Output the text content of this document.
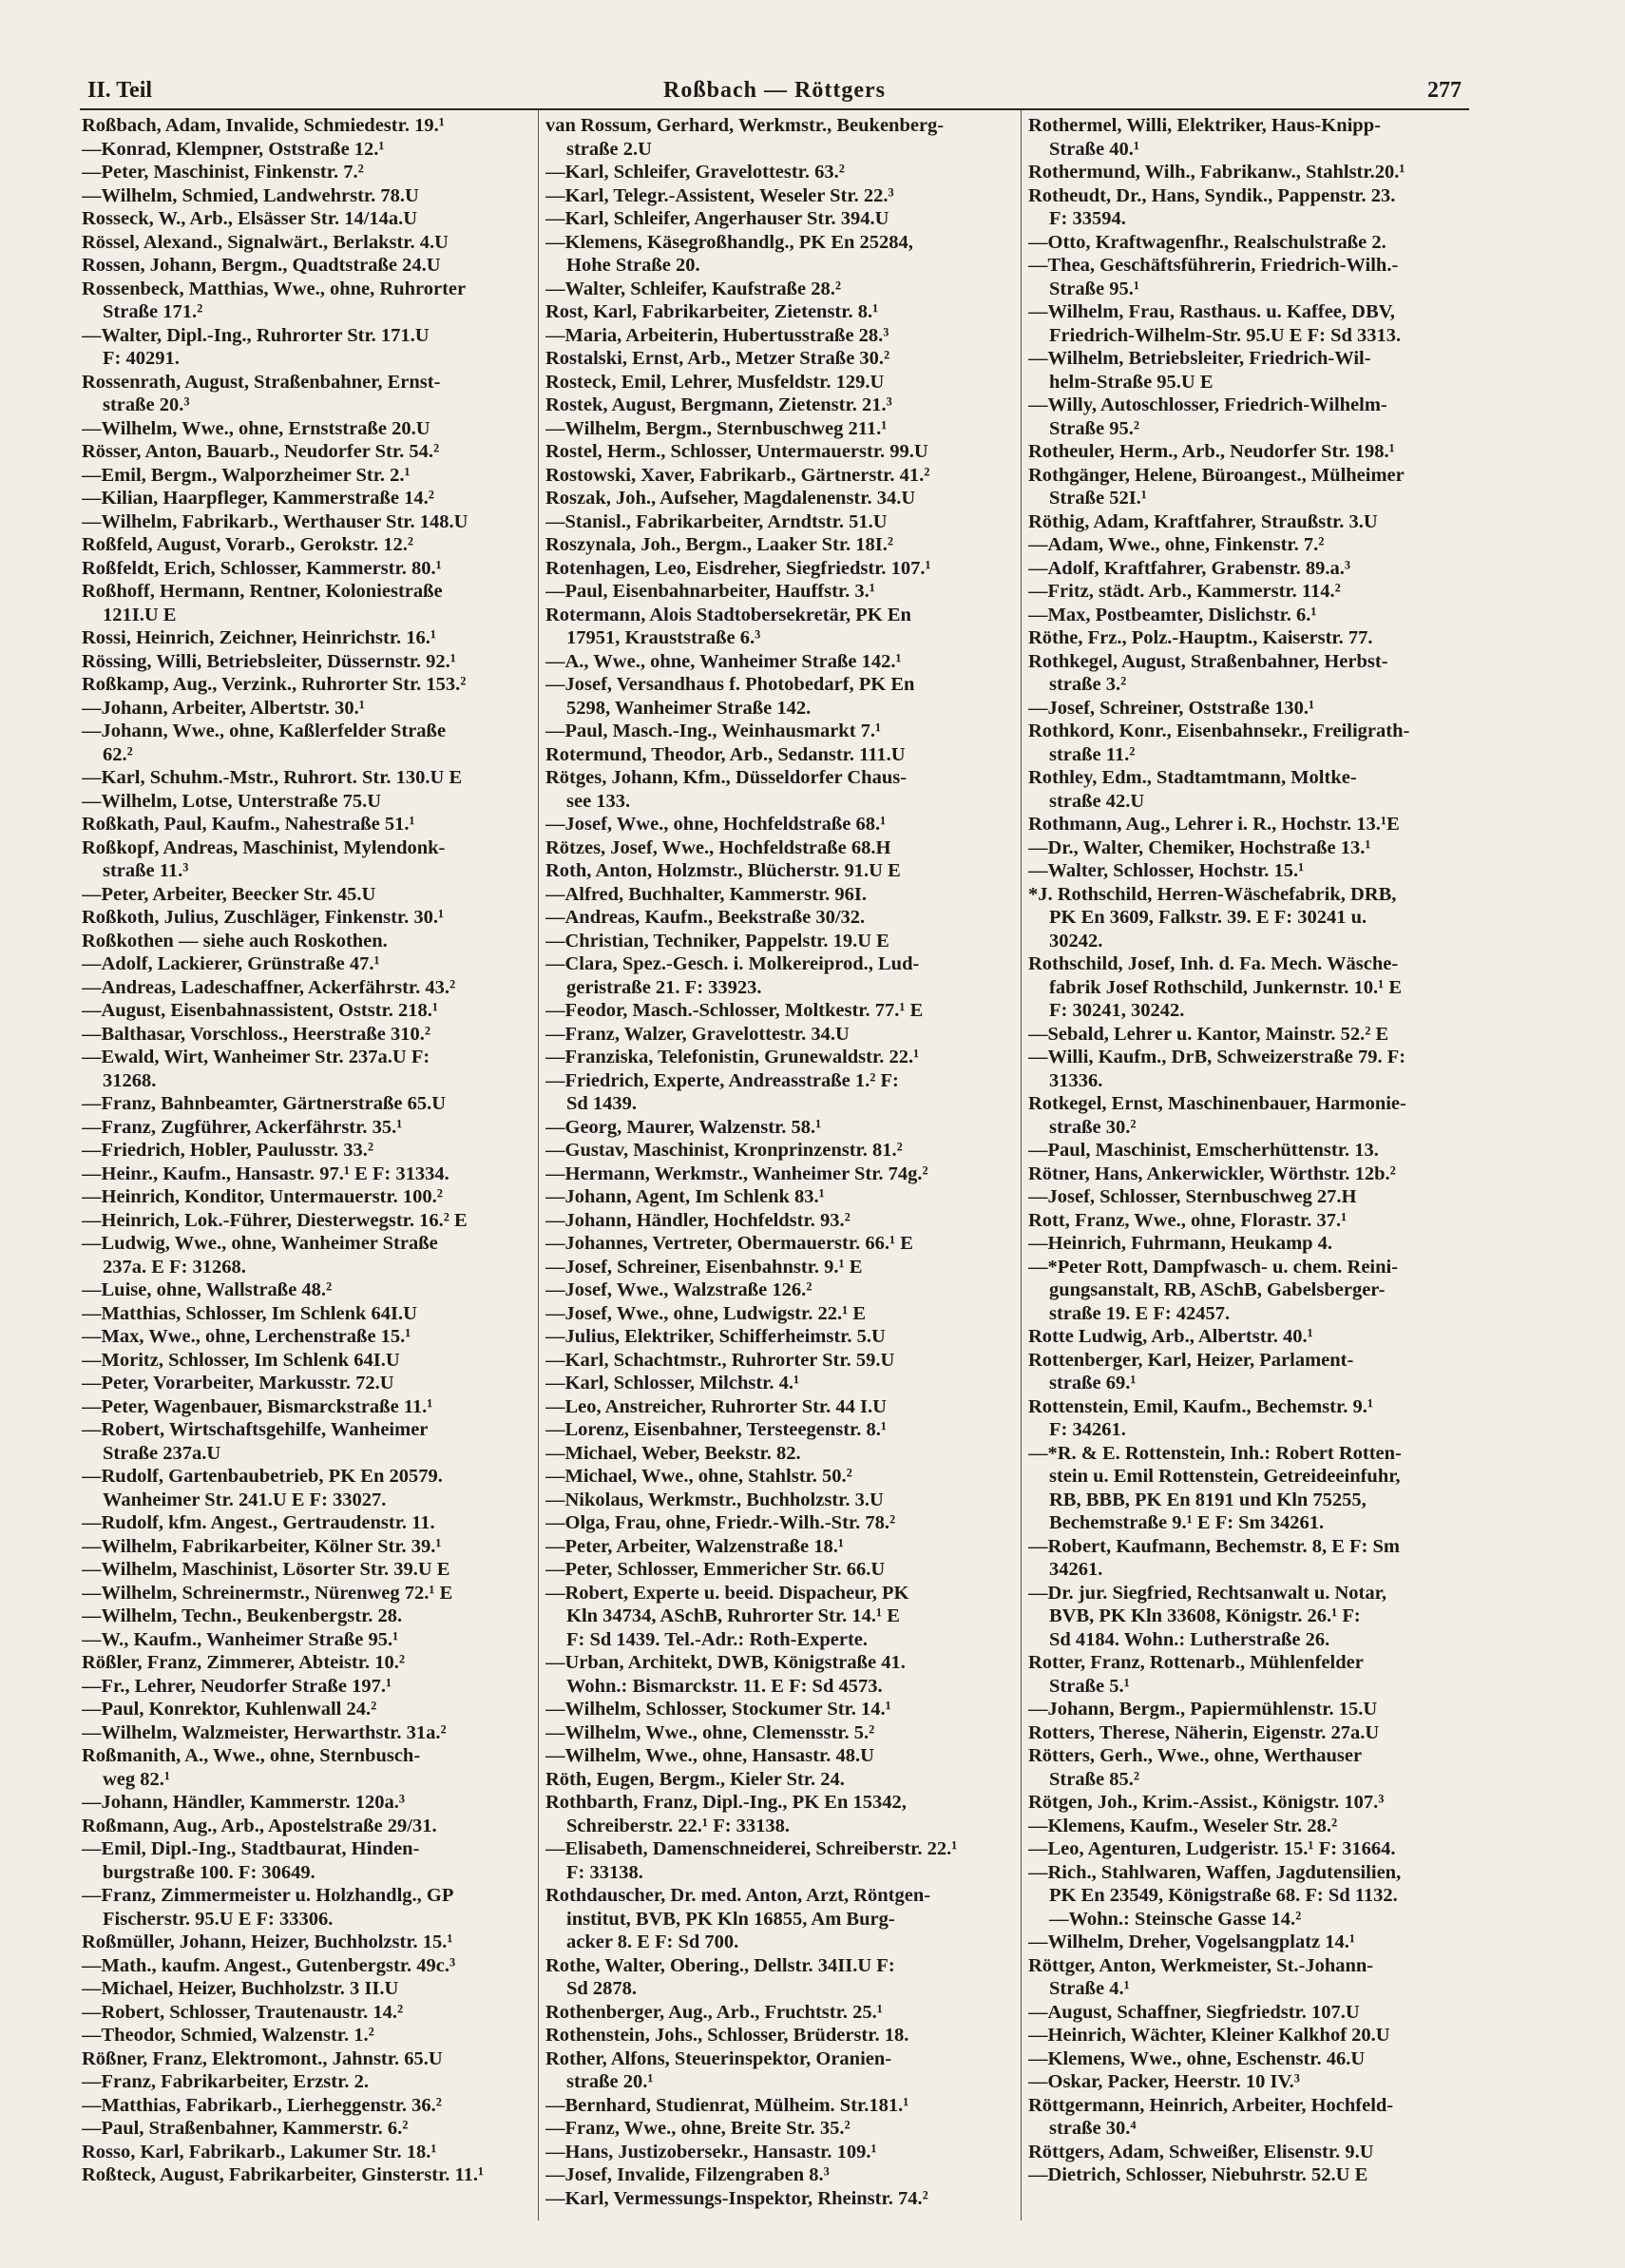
II. Teil	Roßbach — Röttgers	277
Roßbach, Adam, Invalide, Schmiedestr. 19.¹
—Konrad, Klempner, Oststraße 12.¹
—Peter, Maschinist, Finkenstr. 7.²
—Wilhelm, Schmied, Landwehrstr. 78.U
Rosseck, W., Arb., Elsässer Str. 14/14a.U
Rössel, Alexand., Signalwärt., Berlakstr. 4.U
Rossen, Johann, Bergm., Quadtstraße 24.U
Rossenbeck, Matthias, Wwe., ohne, Ruhrorter
Straße 171.²
—Walter, Dipl.-Ing., Ruhrorter Str. 171.U
F: 40291.
Rossenrath, August, Straßenbahner, Ernst-
straße 20.³
—Wilhelm, Wwe., ohne, Ernststraße 20.U
Rösser, Anton, Bauarb., Neudorfer Str. 54.²
—Emil, Bergm., Walporzheimer Str. 2.¹
—Kilian, Haarpfleger, Kammerstraße 14.²
—Wilhelm, Fabrikarb., Werthauser Str. 148.U
Roßfeld, August, Vorarb., Gerokstr. 12.²
Roßfeldt, Erich, Schlosser, Kammerstr. 80.¹
Roßhoff, Hermann, Rentner, Koloniestraße
121I.U E
Rossi, Heinrich, Zeichner, Heinrichstr. 16.¹
Rössing, Willi, Betriebsleiter, Düssernstr. 92.¹
Roßkamp, Aug., Verzink., Ruhrorter Str. 153.²
—Johann, Arbeiter, Albertstr. 30.¹
—Johann, Wwe., ohne, Kaßlerfelder Straße
62.²
—Karl, Schuhm.-Mstr., Ruhrort. Str. 130.U E
—Wilhelm, Lotse, Unterstraße 75.U
Roßkath, Paul, Kaufm., Nahestraße 51.¹
Roßkopf, Andreas, Maschinist, Mylendonk-
straße 11.³
—Peter, Arbeiter, Beecker Str. 45.U
Roßkoth, Julius, Zuschläger, Finkenstr. 30.¹
Roßkothen — siehe auch Roskothen.
—Adolf, Lackierer, Grünstraße 47.¹
—Andreas, Ladeschaffner, Ackerfährstr. 43.²
—August, Eisenbahnassistent, Oststr. 218.¹
—Balthasar, Vorschloss., Heerstraße 310.²
—Ewald, Wirt, Wanheimer Str. 237a.U F:
31268.
—Franz, Bahnbeamter, Gärtnerstraße 65.U
—Franz, Zugführer, Ackerfährstr. 35.¹
—Friedrich, Hobler, Paulusstr. 33.²
—Heinr., Kaufm., Hansastr. 97.¹ E F: 31334.
—Heinrich, Konditor, Untermauerstr. 100.²
—Heinrich, Lok.-Führer, Diesterwegstr. 16.² E
—Ludwig, Wwe., ohne, Wanheimer Straße
237a. E F: 31268.
—Luise, ohne, Wallstraße 48.²
—Matthias, Schlosser, Im Schlenk 64I.U
—Max, Wwe., ohne, Lerchenstraße 15.¹
—Moritz, Schlosser, Im Schlenk 64I.U
—Peter, Vorarbeiter, Markusstr. 72.U
—Peter, Wagenbauer, Bismarckstraße 11.¹
—Robert, Wirtschaftsgehilfe, Wanheimer
Straße 237a.U
—Rudolf, Gartenbaubetrieb, PK En 20579.
Wanheimer Str. 241.U E F: 33027.
—Rudolf, kfm. Angest., Gertraudenstr. 11.
—Wilhelm, Fabrikarbeiter, Kölner Str. 39.¹
—Wilhelm, Maschinist, Lösorter Str. 39.U E
—Wilhelm, Schreinermstr., Nürenweg 72.¹ E
—Wilhelm, Techn., Beukenbergstr. 28.
—W., Kaufm., Wanheimer Straße 95.¹
Rößler, Franz, Zimmerer, Abteistr. 10.²
—Fr., Lehrer, Neudorfer Straße 197.¹
—Paul, Konrektor, Kuhlenwall 24.²
—Wilhelm, Walzmeister, Herwarthstr. 31a.²
Roßmanith, A., Wwe., ohne, Sternbusch-
weg 82.¹
—Johann, Händler, Kammerstr. 120a.³
Roßmann, Aug., Arb., Apostelstraße 29/31.
—Emil, Dipl.-Ing., Stadtbaurat, Hinden-
burgstraße 100. F: 30649.
—Franz, Zimmermeister u. Holzhandlg., GP
Fischerstr. 95.U E F: 33306.
Roßmüller, Johann, Heizer, Buchholzstr. 15.¹
—Math., kaufm. Angest., Gutenbergstr. 49c.³
—Michael, Heizer, Buchholzstr. 3 II.U
—Robert, Schlosser, Trautenaustr. 14.²
—Theodor, Schmied, Walzenstr. 1.²
Rößner, Franz, Elektromont., Jahnstr. 65.U
—Franz, Fabrikarbeiter, Erzstr. 2.
—Matthias, Fabrikarb., Lierheggenstr. 36.²
—Paul, Straßenbahner, Kammerstr. 6.²
Rosso, Karl, Fabrikarb., Lakumer Str. 18.¹
Roßteck, August, Fabrikarbeiter, Ginsterstr. 11.¹
van Rossum, Gerhard, Werkmstr., Beukenberg-
straße 2.U
—Karl, Schleifer, Gravelottestr. 63.²
—Karl, Telegr.-Assistent, Weseler Str. 22.³
—Karl, Schleifer, Angerhauser Str. 394.U
—Klemens, Käsegroßhandlg., PK En 25284,
Hohe Straße 20.
—Walter, Schleifer, Kaufstraße 28.²
Rost, Karl, Fabrikarbeiter, Zietenstr. 8.¹
—Maria, Arbeiterin, Hubertusstraße 28.³
Rostalski, Ernst, Arb., Metzer Straße 30.²
Rosteck, Emil, Lehrer, Musfeldstr. 129.U
Rostek, August, Bergmann, Zietenstr. 21.³
—Wilhelm, Bergm., Sternbuschweg 211.¹
Rostel, Herm., Schlosser, Untermauerstr. 99.U
Rostowski, Xaver, Fabrikarb., Gärtnerstr. 41.²
Roszak, Joh., Aufseher, Magdalenenstr. 34.U
—Stanisl., Fabrikarbeiter, Arndtstr. 51.U
Roszynala, Joh., Bergm., Laaker Str. 18I.²
Rotenhagen, Leo, Eisdreher, Siegfriedstr. 107.¹
—Paul, Eisenbahnarbeiter, Hauffstr. 3.¹
Rotermann, Alois Stadtobersekretär, PK En
17951, Krauststraße 6.³
—A., Wwe., ohne, Wanheimer Straße 142.¹
—Josef, Versandhaus f. Photobedarf, PK En
5298, Wanheimer Straße 142.
—Paul, Masch.-Ing., Weinhausmarkt 7.¹
Rotermund, Theodor, Arb., Sedanstr. 111.U
Rötges, Johann, Kfm., Düsseldorfer Chaus-
see 133.
—Josef, Wwe., ohne, Hochfeldstraße 68.¹
Rötzes, Josef, Wwe., Hochfeldstraße 68.H
Roth, Anton, Holzmstr., Blücherstr. 91.U E
—Alfred, Buchhalter, Kammerstr. 96I.
—Andreas, Kaufm., Beekstraße 30/32.
—Christian, Techniker, Pappelstr. 19.U E
—Clara, Spez.-Gesch. i. Molkereiprod., Lud-
geristraße 21. F: 33923.
—Feodor, Masch.-Schlosser, Moltkestr. 77.¹ E
—Franz, Walzer, Gravelottestr. 34.U
—Franziska, Telefonistin, Grunewaldstr. 22.¹
—Friedrich, Experte, Andreasstraße 1.² F:
Sd 1439.
—Georg, Maurer, Walzenstr. 58.¹
—Gustav, Maschinist, Kronprinzenstr. 81.²
—Hermann, Werkmstr., Wanheimer Str. 74g.²
—Johann, Agent, Im Schlenk 83.¹
—Johann, Händler, Hochfeldstr. 93.²
—Johannes, Vertreter, Obermauerstr. 66.¹ E
—Josef, Schreiner, Eisenbahnstr. 9.¹ E
—Josef, Wwe., Walzstraße 126.²
—Josef, Wwe., ohne, Ludwigstr. 22.¹ E
—Julius, Elektriker, Schifferheimstr. 5.U
—Karl, Schachtmstr., Ruhrorter Str. 59.U
—Karl, Schlosser, Milchstr. 4.¹
—Leo, Anstreicher, Ruhrorter Str. 44 I.U
—Lorenz, Eisenbahner, Tersteegenstr. 8.¹
—Michael, Weber, Beekstr. 82.
—Michael, Wwe., ohne, Stahlstr. 50.²
—Nikolaus, Werkmstr., Buchholzstr. 3.U
—Olga, Frau, ohne, Friedr.-Wilh.-Str. 78.²
—Peter, Arbeiter, Walzenstraße 18.¹
—Peter, Schlosser, Emmericher Str. 66.U
—Robert, Experte u. beeid. Dispacheur, PK
Kln 34734, ASchB, Ruhrorter Str. 14.¹ E
F: Sd 1439. Tel.-Adr.: Roth-Experte.
—Urban, Architekt, DWB, Königstraße 41.
Wohn.: Bismarckstr. 11. E F: Sd 4573.
—Wilhelm, Schlosser, Stockumer Str. 14.¹
—Wilhelm, Wwe., ohne, Clemensstr. 5.²
—Wilhelm, Wwe., ohne, Hansastr. 48.U
Röth, Eugen, Bergm., Kieler Str. 24.
Rothbarth, Franz, Dipl.-Ing., PK En 15342,
Schreiberstr. 22.¹ F: 33138.
—Elisabeth, Damenschneiderei, Schreiberstr. 22.¹
F: 33138.
Rothdauscher, Dr. med. Anton, Arzt, Röntgen-
institut, BVB, PK Kln 16855, Am Burg-
acker 8. E F: Sd 700.
Rothe, Walter, Obering., Dellstr. 34II.U F:
Sd 2878.
Rothenberger, Aug., Arb., Fruchtstr. 25.¹
Rothenstein, Johs., Schlosser, Brüderstr. 18.
Rother, Alfons, Steuerinspektor, Oranien-
straße 20.¹
—Bernhard, Studienrat, Mülheim. Str.181.¹
—Franz, Wwe., ohne, Breite Str. 35.²
—Hans, Justizobersekr., Hansastr. 109.¹
—Josef, Invalide, Filzengraben 8.³
—Karl, Vermessungs-Inspektor, Rheinstr. 74.²
Rothermel, Willi, Elektriker, Haus-Knipp-
Straße 40.¹
Rothermund, Wilh., Fabrikanw., Stahlstr.20.¹
Rotheudt, Dr., Hans, Syndik., Pappenstr. 23.
F: 33594.
—Otto, Kraftwagenfhr., Realschulstraße 2.
—Thea, Geschäftsführerin, Friedrich-Wilh.-
Straße 95.¹
—Wilhelm, Frau, Rasthaus. u. Kaffee, DBV,
Friedrich-Wilhelm-Str. 95.U E F: Sd 3313.
—Wilhelm, Betriebsleiter, Friedrich-Wil-
helm-Straße 95.U E
—Willy, Autoschlosser, Friedrich-Wilhelm-
Straße 95.²
Rotheuler, Herm., Arb., Neudorfer Str. 198.¹
Rothgänger, Helene, Büroangest., Mülheimer
Straße 52I.¹
Röthig, Adam, Kraftfahrer, Straußstr. 3.U
—Adam, Wwe., ohne, Finkenstr. 7.²
—Adolf, Kraftfahrer, Grabenstr. 89.a.³
—Fritz, städt. Arb., Kammerstr. 114.²
—Max, Postbeamter, Dislichstr. 6.¹
Röthe, Frz., Polz.-Hauptm., Kaiserstr. 77.
Rothkegel, August, Straßenbahner, Herbst-
straße 3.²
—Josef, Schreiner, Oststraße 130.¹
Rothkord, Konr., Eisenbahnsekr., Freiligrath-
straße 11.²
Rothley, Edm., Stadtamtmann, Moltke-
straße 42.U
Rothmann, Aug., Lehrer i. R., Hochstr. 13.¹E
—Dr., Walter, Chemiker, Hochstraße 13.¹
—Walter, Schlosser, Hochstr. 15.¹
*J. Rothschild, Herren-Wäschefabrik, DRB,
PK En 3609, Falkstr. 39. E F: 30241 u.
30242.
Rothschild, Josef, Inh. d. Fa. Mech. Wäsche-
fabrik Josef Rothschild, Junkernstr. 10.¹ E
F: 30241, 30242.
—Sebald, Lehrer u. Kantor, Mainstr. 52.² E
—Willi, Kaufm., DrB, Schweizerstraße 79. F:
31336.
Rotkegel, Ernst, Maschinenbauer, Harmonie-
straße 30.²
—Paul, Maschinist, Emscherhüttenstr. 13.
Rötner, Hans, Ankerwickler, Wörthstr. 12b.²
—Josef, Schlosser, Sternbuschweg 27.H
Rott, Franz, Wwe., ohne, Florastr. 37.¹
—Heinrich, Fuhrmann, Heukamp 4.
—*Peter Rott, Dampfwasch- u. chem. Reini-
gungsanstalt, RB, ASchB, Gabelsberger-
straße 19. E F: 42457.
Rotte Ludwig, Arb., Albertstr. 40.¹
Rottenberger, Karl, Heizer, Parlament-
straße 69.¹
Rottenstein, Emil, Kaufm., Bechemstr. 9.¹
F: 34261.
—*R. & E. Rottenstein, Inh.: Robert Rotten-
stein u. Emil Rottenstein, Getreideeinfuhr,
RB, BBB, PK En 8191 und Kln 75255,
Bechemstraße 9.¹ E F: Sm 34261.
—Robert, Kaufmann, Bechemstr. 8, E F: Sm
34261.
—Dr. jur. Siegfried, Rechtsanwalt u. Notar,
BVB, PK Kln 33608, Königstr. 26.¹ F:
Sd 4184. Wohn.: Lutherstraße 26.
Rotter, Franz, Rottenarb., Mühlenfelder
Straße 5.¹
—Johann, Bergm., Papiermühlenstr. 15.U
Rotters, Therese, Näherin, Eigenstr. 27a.U
Rötters, Gerh., Wwe., ohne, Werthauser
Straße 85.²
Rötgen, Joh., Krim.-Assist., Königstr. 107.³
—Klemens, Kaufm., Weseler Str. 28.²
—Leo, Agenturen, Ludgeristr. 15.¹ F: 31664.
—Rich., Stahlwaren, Waffen, Jagdutensilien,
PK En 23549, Königstraße 68. F: Sd 1132.
—Wohn.: Steinsche Gasse 14.²
—Wilhelm, Dreher, Vogelsangplatz 14.¹
Röttger, Anton, Werkmeister, St.-Johann-
Straße 4.¹
—August, Schaffner, Siegfriedstr. 107.U
—Heinrich, Wächter, Kleiner Kalkhof 20.U
—Klemens, Wwe., ohne, Eschenstr. 46.U
—Oskar, Packer, Heerstr. 10 IV.³
Röttgermann, Heinrich, Arbeiter, Hochfeld-
straße 30.⁴
Röttgers, Adam, Schweißer, Elisenstr. 9.U
—Dietrich, Schlosser, Niebuhrstr. 52.U E
